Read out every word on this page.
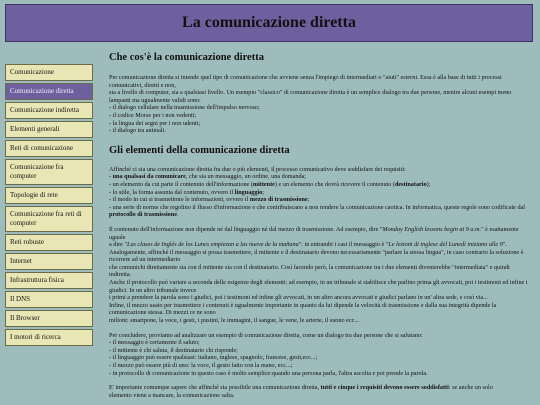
La comunicazione diretta
Comunicazione
Comunicazione diretta
Comunicazione indiretta
Elementi generali
Reti di comunicazione
Comunicazione fra computer
Topologie di rete
Comunicazione fra reti di computer
Reti robuste
Internet
Infrastruttura fisica
Il DNS
Il Browser
I motori di ricerca
Che cos'è la comunicazione diretta

Per comunicazione diretta si intende quel tipo di comunicazione che avviene senza l'impiego di intermediari o "aiuti" esterni. Essa è alla base di tutti i processi comunicativi, diretti e non,
sia a livello di computer, sia a qualsiasi livello. Un esempio "classico" di comunicazione diretta è un semplice dialogo tra due persone, mentre alcuni esempi meno lampanti ma ugualmente validi sono:
- il dialogo cellulare nella trasmissione dell'impulso nervoso;
- il codice Morse per i non vedenti;
- la lingua dei segni per i non udenti;
- il dialogo tra animali.

Gli elementi della comunicazione diretta

Affinché ci sia una comunicazione diretta fra due o più elementi, il processo comunicativo deve soddisfare dei requisiti:
- una qualsasi da comunicare, che sia un messaggio, un ordine, una domanda;
- un elemento da cui parte il contenuto dell'informazione (mittente) e un elemento che dovrà ricevere il contenuto (destinatario);
- lo stile, la forma assunta dal contenuto, ovvero il linguaggio;
- il modo in cui si trasmettono le informazioni, ovvero il mezzo di trasmissione;
- una serie di norme che regolino il flusso d'informazione e che contribuiscano a non rendere la comunicazione caotica. In informatica, queste regole sono codificate dal protocollo di trasmissione.

Il contenuto dell'informazione non dipende né dal linguaggio né dal mezzo di trasmissione. Ad esempio, dire "Monday English lessons begin at 9 a.m." è esattamente uguale
a dire "Las clases de Inglés de los Lunes empiezan a las nueve de la mañana": in entrambi i casi il messaggio è "Le lezioni di inglese del Lunedì iniziano alle 9".
Analogamente, affinché il messaggio si possa trasmettere, il mittente e il destinatario devono necessariamente "parlare la stessa lingua", in caso contrario la soluzione è ricorrere ad un intermediario
che comunichi direttamente sia con il mittente sia con il destinatario. Così facendo però, la comunicazione tra i due elementi diventerebbe "intermediata" e quindi indiretta.
Anche il protocollo può variare a seconda delle esigenze degli elementi: ad esempio, in un tribunale si stabilisce che parlino prima gli avvocati, poi i testimoni ed infine i giudici. In un altro tribunale invece
i primi a prendere la parola sono i giudici, poi i testimoni ed infine gli avvocati, in un altro ancora avvocati e giudici parlano in un' altra sede, e così via...
Infine, il mezzo usato per trasmettere i contenuti è ugualmente importante in quanto da lui dipende la velocità di trasmissione e dalla sua integrità dipende la comunicazione stessa. Di mezzi ce ne sono
milioni: smartpone, la voce, i gesti, i pustini, le immagini, il sangue, le vene, le arterie, il suono ecc...

Per concludere, proviamo ad analizzare un esempio di comunicazione diretta, come un dialogo tra due persone che si salutano:
- il messaggio è certamente il saluto;
- il mittente è chi saluta, il destinatario chi risponde;
- il linguaggio può essere qualsiasi: italiano, inglese, spagnolo, francese, gesti,ecc...;
- il mezzo può essere più di uno: la voce, il gesto fatto con la mano, ecc...;
- in protocollo di comunicazione in questo caso è molto semplice:quando una persona parla, l'altra ascolta e poi prende la parola.

E' importante comunque sapere che affinché sia possibile una comunicazione diretta, tutti e cinque i requisiti devono essere soddisfatti: se anche un solo
elemento viene a mancare, la comunicazione salta.
